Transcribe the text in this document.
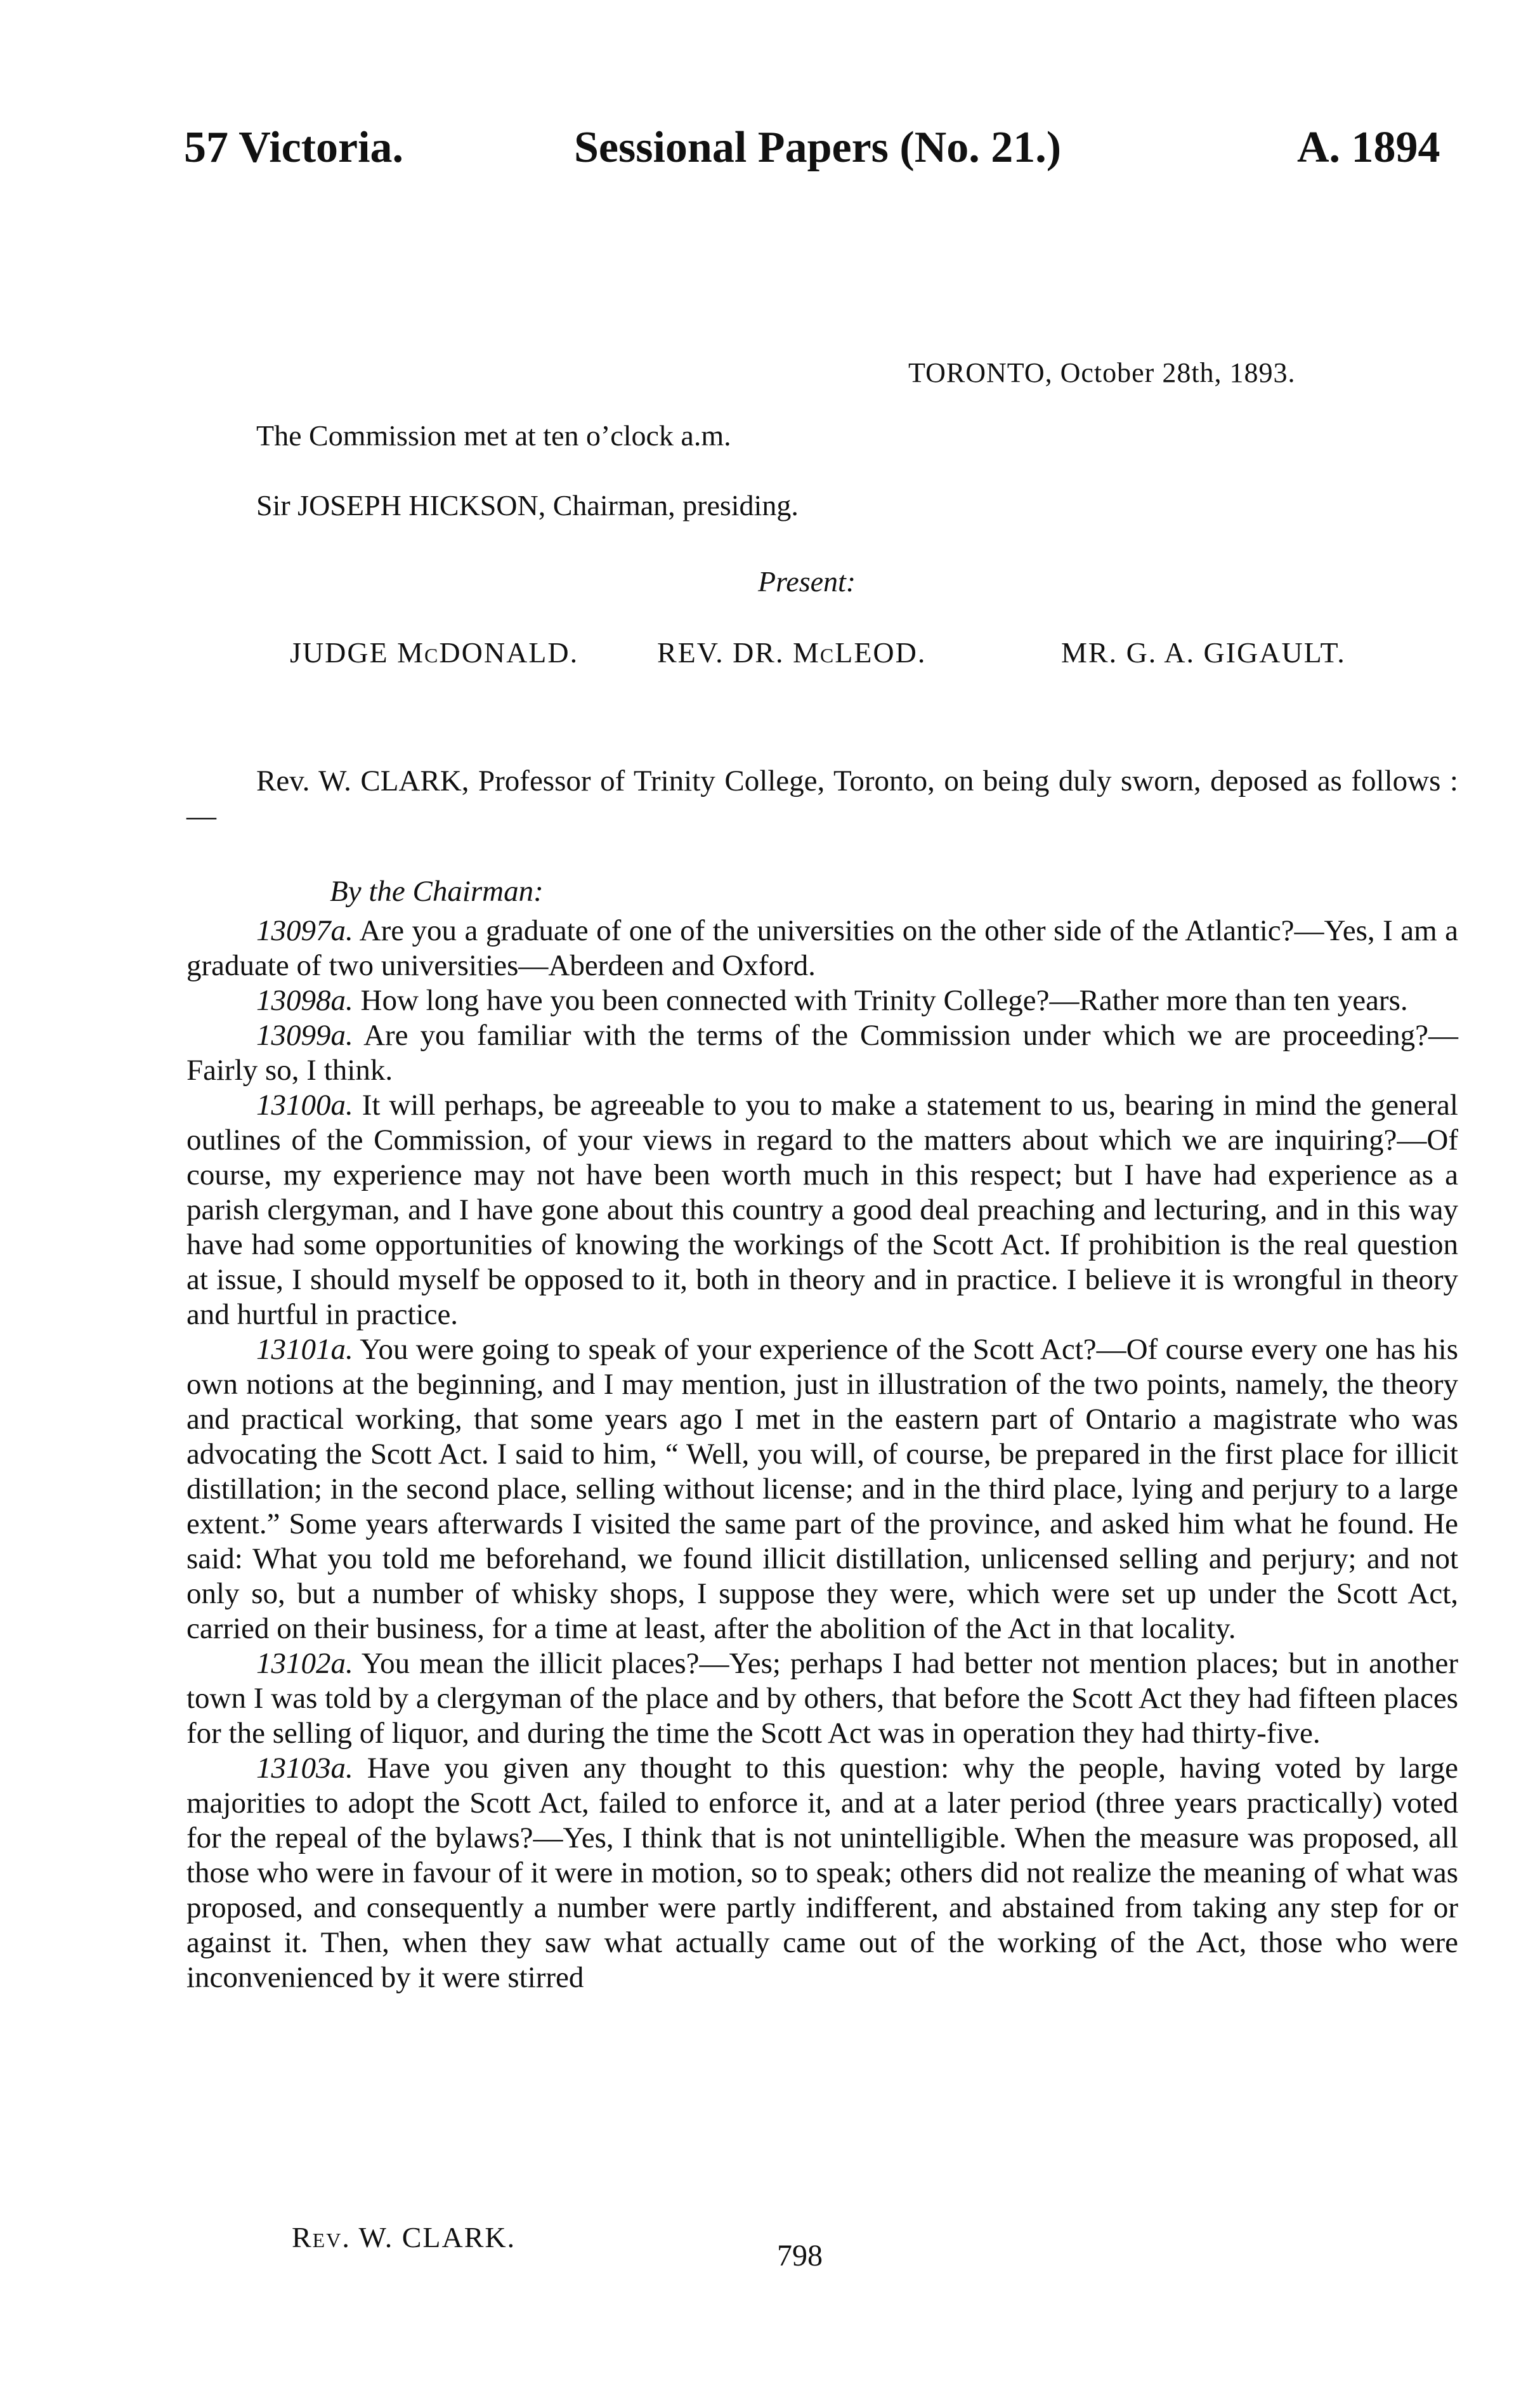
57 Victoria.	Sessional Papers (No. 21.)	A. 1894
TORONTO, October 28th, 1893.
The Commission met at ten o’clock a.m.
Sir JOSEPH HICKSON, Chairman, presiding.
Present:
JUDGE McDONALD.	REV. DR. McLEOD.	MR. G. A. GIGAULT.

Rev. W. CLARK, Professor of Trinity College, Toronto, on being duly sworn, deposed as follows :—

By the Chairman:

13097a. Are you a graduate of one of the universities on the other side of the Atlantic?—Yes, I am a graduate of two universities—Aberdeen and Oxford.

13098a. How long have you been connected with Trinity College?—Rather more than ten years.

13099a. Are you familiar with the terms of the Commission under which we are proceeding?—Fairly so, I think.

13100a. It will perhaps, be agreeable to you to make a statement to us, bearing in mind the general outlines of the Commission, of your views in regard to the matters about which we are inquiring?—Of course, my experience may not have been worth much in this respect; but I have had experience as a parish clergyman, and I have gone about this country a good deal preaching and lecturing, and in this way have had some opportunities of knowing the workings of the Scott Act. If prohibition is the real question at issue, I should myself be opposed to it, both in theory and in practice. I believe it is wrongful in theory and hurtful in practice.

13101a. You were going to speak of your experience of the Scott Act?—Of course every one has his own notions at the beginning, and I may mention, just in illustration of the two points, namely, the theory and practical working, that some years ago I met in the eastern part of Ontario a magistrate who was advocating the Scott Act. I said to him, “ Well, you will, of course, be prepared in the first place for illicit distillation; in the second place, selling without license; and in the third place, lying and perjury to a large extent.” Some years afterwards I visited the same part of the province, and asked him what he found. He said: What you told me beforehand, we found illicit distillation, unlicensed selling and perjury; and not only so, but a number of whisky shops, I suppose they were, which were set up under the Scott Act, carried on their business, for a time at least, after the abolition of the Act in that locality.

13102a. You mean the illicit places?—Yes; perhaps I had better not mention places; but in another town I was told by a clergyman of the place and by others, that before the Scott Act they had fifteen places for the selling of liquor, and during the time the Scott Act was in operation they had thirty-five.

13103a. Have you given any thought to this question: why the people, having voted by large majorities to adopt the Scott Act, failed to enforce it, and at a later period (three years practically) voted for the repeal of the bylaws?—Yes, I think that is not unintelligible. When the measure was proposed, all those who were in favour of it were in motion, so to speak; others did not realize the meaning of what was proposed, and consequently a number were partly indifferent, and abstained from taking any step for or against it. Then, when they saw what actually came out of the working of the Act, those who were inconvenienced by it were stirred

Rev. W. CLARK.
798
